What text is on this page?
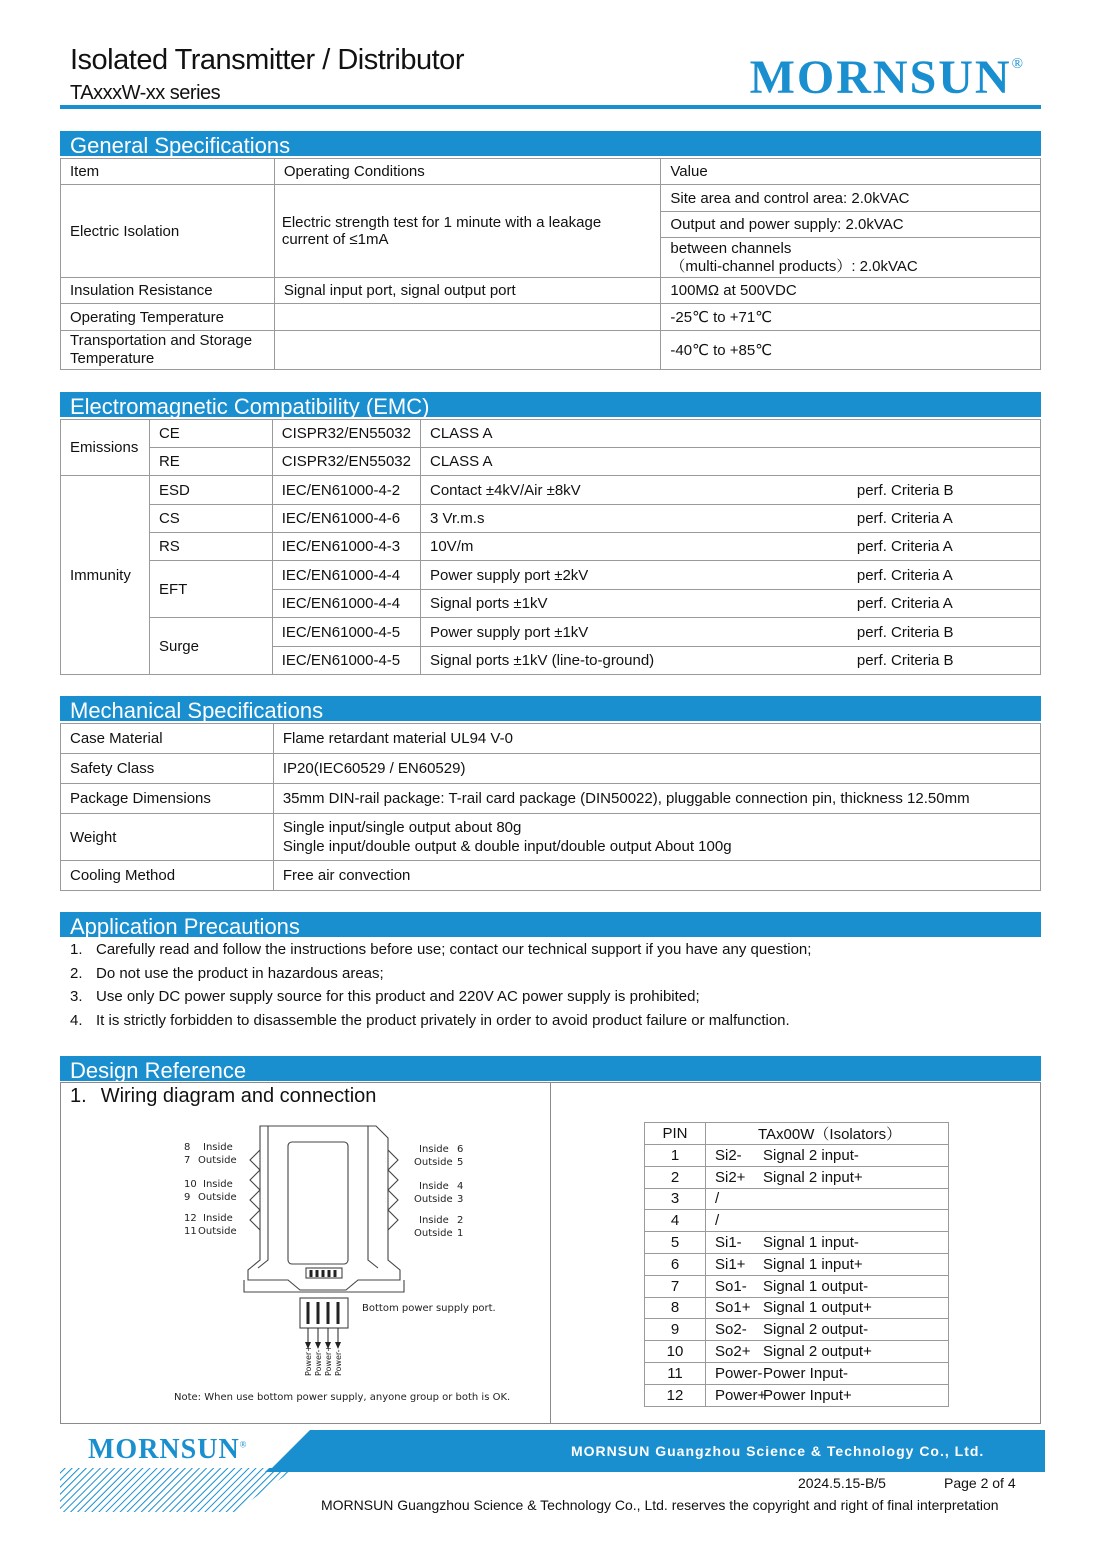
Isolated Transmitter / Distributor
TAxxxW-xx series	MORNSUN®
General Specifications
Item	Operating Conditions	Value
Electric Isolation	Electric strength test for 1 minute with a leakage current of ≤1mA	Site area and control area: 2.0kVAC
		Output and power supply: 2.0kVAC
		between channels
（multi-channel products）: 2.0kVAC
Insulation Resistance	Signal input port, signal output port	100MΩ at 500VDC
Operating Temperature		-25℃ to +71℃
Transportation and Storage Temperature		-40℃ to +85℃
Electromagnetic Compatibility (EMC)
Emissions	CE	CISPR32/EN55032	CLASS A	
	RE	CISPR32/EN55032	CLASS A	
Immunity	ESD	IEC/EN61000-4-2	Contact ±4kV/Air ±8kV	perf. Criteria B
	CS	IEC/EN61000-4-6	3 Vr.m.s	perf. Criteria A
	RS	IEC/EN61000-4-3	10V/m	perf. Criteria A
	EFT	IEC/EN61000-4-4	Power supply port ±2kV	perf. Criteria A
		IEC/EN61000-4-4	Signal ports ±1kV	perf. Criteria A
	Surge	IEC/EN61000-4-5	Power supply port ±1kV	perf. Criteria B
		IEC/EN61000-4-5	Signal ports ±1kV (line-to-ground)	perf. Criteria B
Mechanical Specifications
Case Material	Flame retardant material UL94 V-0
Safety Class	IP20(IEC60529 / EN60529)
Package Dimensions	35mm DIN-rail package: T-rail card package (DIN50022), pluggable connection pin, thickness 12.50mm
Weight	Single input/single output about 80g
Single input/double output & double input/double output About 100g
Cooling Method	Free air convection
Application Precautions
1. Carefully read and follow the instructions before use; contact our technical support if you have any question;
2. Do not use the product in hazardous areas;
3. Use only DC power supply source for this product and 220V AC power supply is prohibited;
4. It is strictly forbidden to disassemble the product privately in order to avoid product failure or malfunction.
Design Reference
1. Wiring diagram and connection
8 Inside
7 Outside
10 Inside
9 Outside
12 Inside
11 Outside
Inside 6
Outside 5
Inside 4
Outside 3
Inside 2
Outside 1
Bottom power supply port.
Note: When use bottom power supply, anyone group or both is OK.
Power+ Power- Power+ Power-
PIN	TAx00W（Isolators）
1	Si2- Signal 2 input-
2	Si2+ Signal 2 input+
3	/
4	/
5	Si1- Signal 1 input-
6	Si1+ Signal 1 input+
7	So1- Signal 1 output-
8	So1+ Signal 1 output+
9	So2- Signal 2 output-
10	So2+ Signal 2 output+
11	Power-Power Input-
12	Power+Power Input+
MORNSUN®	MORNSUN Guangzhou Science & Technology Co., Ltd.
2024.5.15-B/5	Page 2 of 4
MORNSUN Guangzhou Science & Technology Co., Ltd. reserves the copyright and right of final interpretation
